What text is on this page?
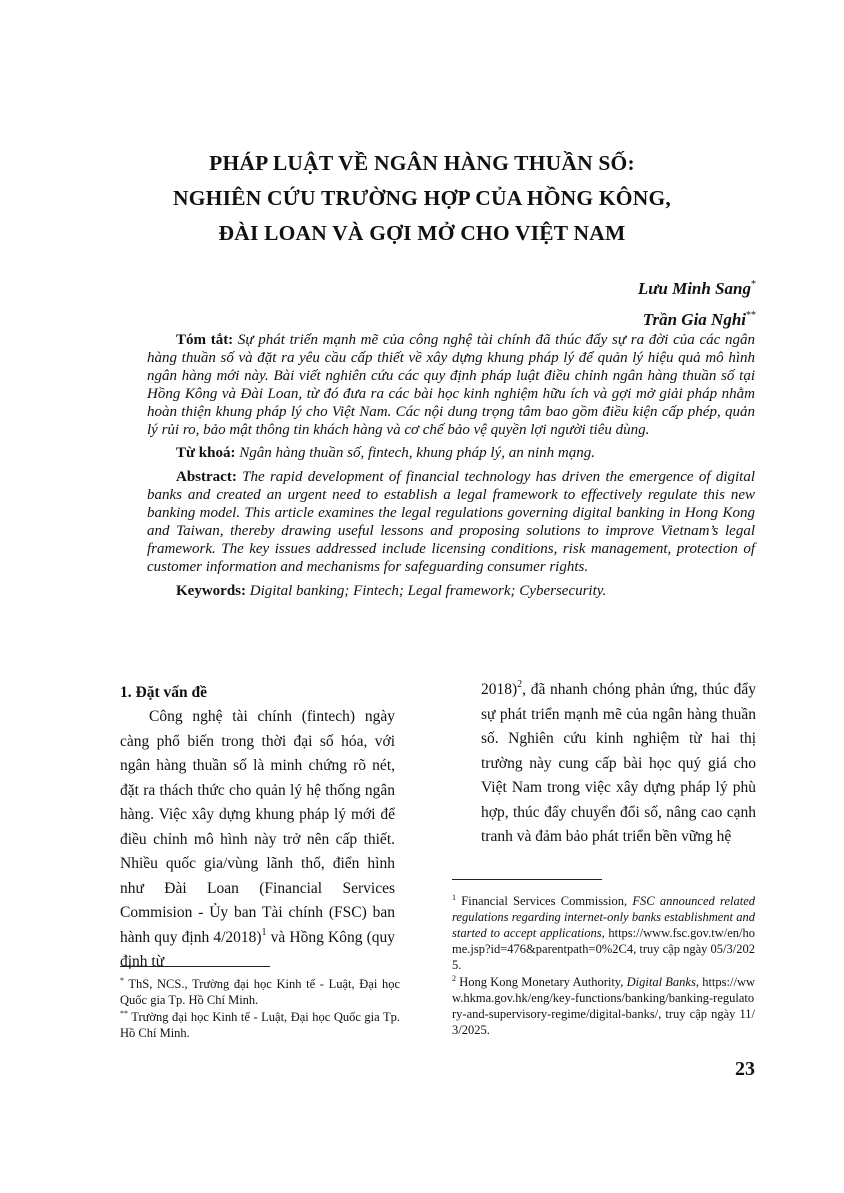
PHÁP LUẬT VỀ NGÂN HÀNG THUẦN SỐ:
NGHIÊN CỨU TRƯỜNG HỢP CỦA HỒNG KÔNG,
ĐÀI LOAN VÀ GỢI MỞ CHO VIỆT NAM
Lưu Minh Sang*
Trần Gia Nghi**

Tóm tắt: Sự phát triển mạnh mẽ của công nghệ tài chính đã thúc đẩy sự ra đời của các ngân hàng thuần số và đặt ra yêu cầu cấp thiết về xây dựng khung pháp lý để quản lý hiệu quả mô hình ngân hàng mới này. Bài viết nghiên cứu các quy định pháp luật điều chỉnh ngân hàng thuần số tại Hồng Kông và Đài Loan, từ đó đưa ra các bài học kinh nghiệm hữu ích và gợi mở giải pháp nhằm hoàn thiện khung pháp lý cho Việt Nam. Các nội dung trọng tâm bao gồm điều kiện cấp phép, quản lý rủi ro, bảo mật thông tin khách hàng và cơ chế bảo vệ quyền lợi người tiêu dùng.

Từ khoá: Ngân hàng thuần số, fintech, khung pháp lý, an ninh mạng.

Abstract: The rapid development of financial technology has driven the emergence of digital banks and created an urgent need to establish a legal framework to effectively regulate this new banking model. This article examines the legal regulations governing digital banking in Hong Kong and Taiwan, thereby drawing useful lessons and proposing solutions to improve Vietnam’s legal framework. The key issues addressed include licensing conditions, risk management, protection of customer information and mechanisms for safeguarding consumer rights.

Keywords: Digital banking; Fintech; Legal framework; Cybersecurity.

1. Đặt vấn đề

Công nghệ tài chính (fintech) ngày càng phổ biến trong thời đại số hóa, với ngân hàng thuần số là minh chứng rõ nét, đặt ra thách thức cho quản lý hệ thống ngân hàng. Việc xây dựng khung pháp lý mới để điều chỉnh mô hình này trở nên cấp thiết. Nhiều quốc gia/vùng lãnh thổ, điển hình như Đài Loan (Financial Services Commision - Ủy ban Tài chính (FSC) ban hành quy định 4/2018)$^1$ và Hồng Kông (quy định từ

2018)$^2$, đã nhanh chóng phản ứng, thúc đẩy sự phát triển mạnh mẽ của ngân hàng thuần số. Nghiên cứu kinh nghiệm từ hai thị trường này cung cấp bài học quý giá cho Việt Nam trong việc xây dựng pháp lý phù hợp, thúc đẩy chuyển đổi số, nâng cao cạnh tranh và đảm bảo phát triển bền vững hệ

* ThS, NCS., Trường đại học Kinh tế - Luật, Đại học Quốc gia Tp. Hồ Chí Minh.

** Trường đại học Kinh tế - Luật, Đại học Quốc gia Tp. Hồ Chí Minh.

$^1$ Financial Services Commission, FSC announced related regulations regarding internet-only banks establishment and started to accept applications, https://www.fsc.gov.tw/en/home.jsp?id=476&parentpath=0%2C4, truy cập ngày 05/3/2025.

$^2$ Hong Kong Monetary Authority, Digital Banks, https://www.hkma.gov.hk/eng/key-functions/banking/banking-regulatory-and-supervisory-regime/digital-banks/, truy cập ngày 11/3/2025.

23
